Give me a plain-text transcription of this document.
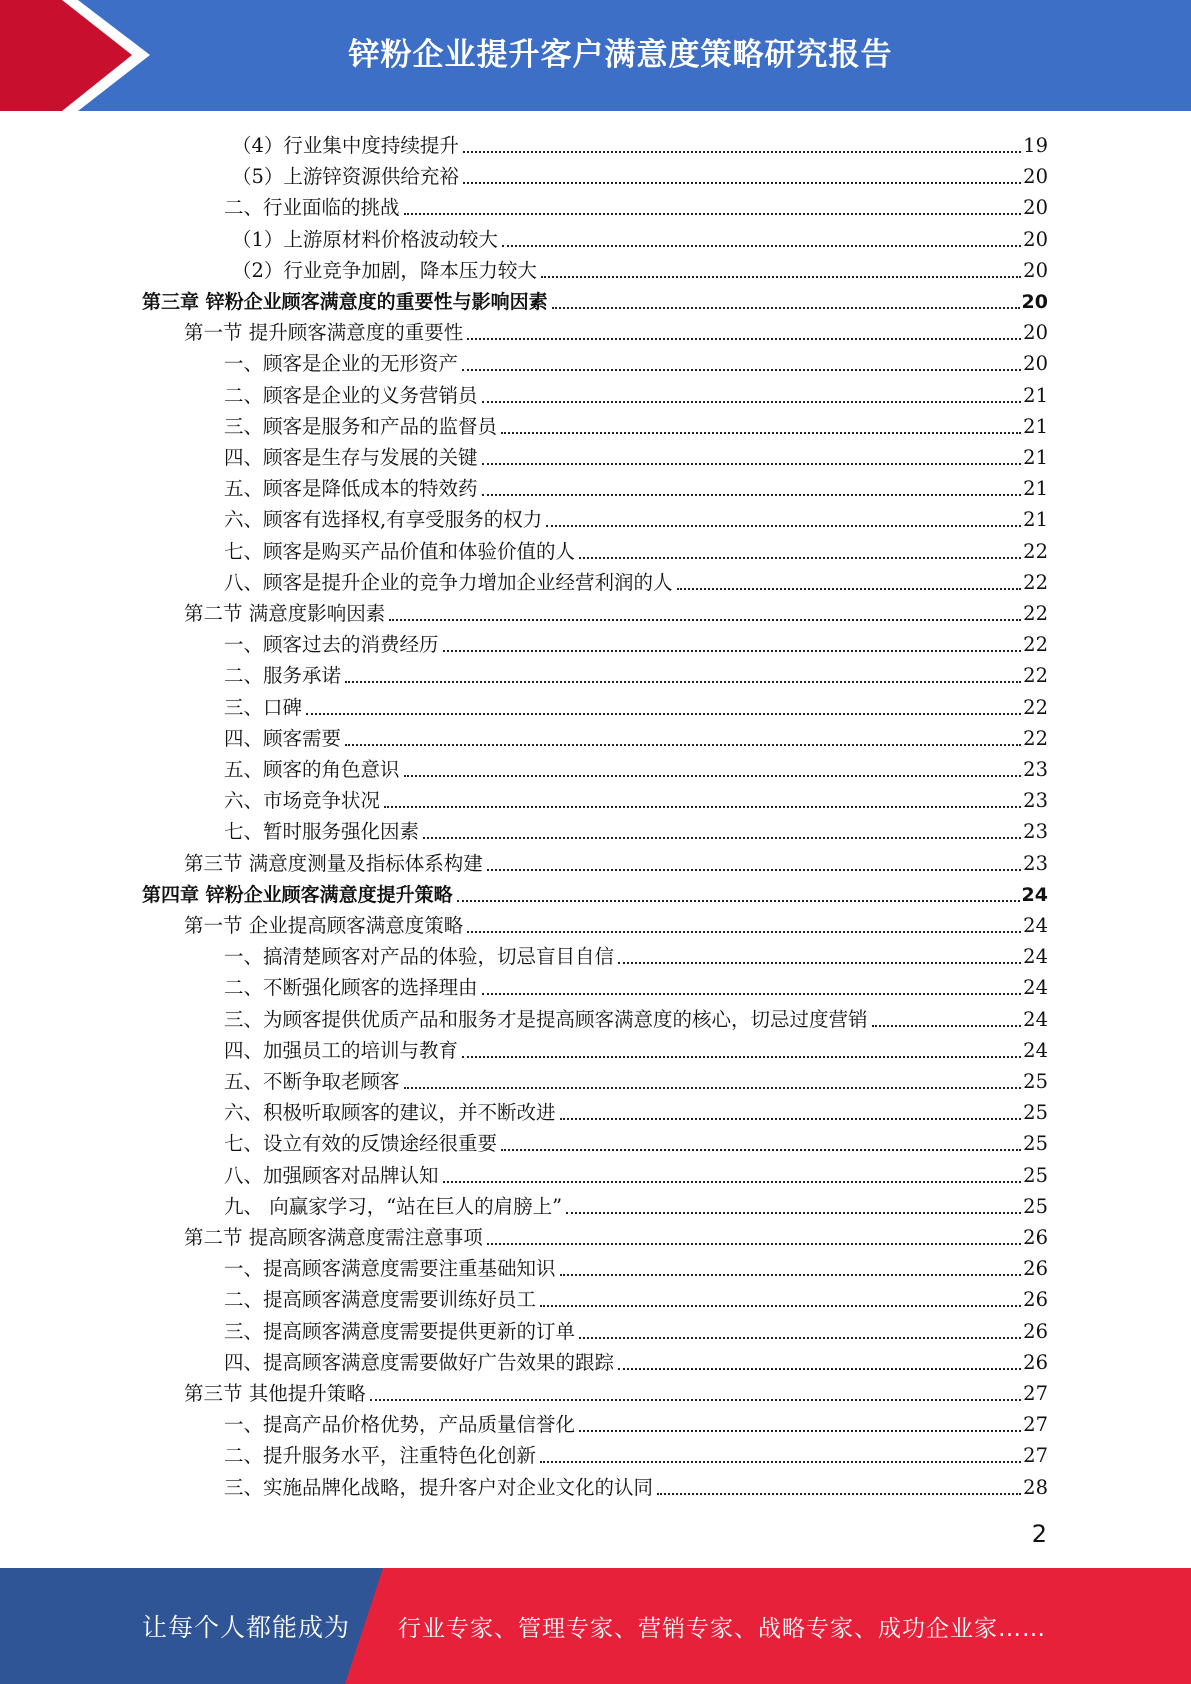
锌粉企业提升客户满意度策略研究报告
（4）行业集中度持续提升	19
（5）上游锌资源供给充裕	20
二、行业面临的挑战	20
（1）上游原材料价格波动较大	20
（2）行业竞争加剧，降本压力较大	20
第三章 锌粉企业顾客满意度的重要性与影响因素	20
第一节 提升顾客满意度的重要性	20
一、顾客是企业的无形资产	20
二、顾客是企业的义务营销员	21
三、顾客是服务和产品的监督员	21
四、顾客是生存与发展的关键	21
五、顾客是降低成本的特效药	21
六、顾客有选择权,有享受服务的权力	21
七、顾客是购买产品价值和体验价值的人	22
八、顾客是提升企业的竞争力增加企业经营利润的人	22
第二节 满意度影响因素	22
一、顾客过去的消费经历	22
二、服务承诺	22
三、口碑	22
四、顾客需要	22
五、顾客的角色意识	23
六、市场竞争状况	23
七、暂时服务强化因素	23
第三节 满意度测量及指标体系构建	23
第四章 锌粉企业顾客满意度提升策略	24
第一节 企业提高顾客满意度策略	24
一、搞清楚顾客对产品的体验，切忌盲目自信	24
二、不断强化顾客的选择理由	24
三、为顾客提供优质产品和服务才是提高顾客满意度的核心，切忌过度营销	24
四、加强员工的培训与教育	24
五、不断争取老顾客	25
六、积极听取顾客的建议，并不断改进	25
七、设立有效的反馈途经很重要	25
八、加强顾客对品牌认知	25
九、 向赢家学习，“站在巨人的肩膀上”	25
第二节 提高顾客满意度需注意事项	26
一、提高顾客满意度需要注重基础知识	26
二、提高顾客满意度需要训练好员工	26
三、提高顾客满意度需要提供更新的订单	26
四、提高顾客满意度需要做好广告效果的跟踪	26
第三节 其他提升策略	27
一、提高产品价格优势，产品质量信誉化	27
二、提升服务水平，注重特色化创新	27
三、实施品牌化战略，提升客户对企业文化的认同	28
2
让每个人都能成为 行业专家、管理专家、营销专家、战略专家、成功企业家……
